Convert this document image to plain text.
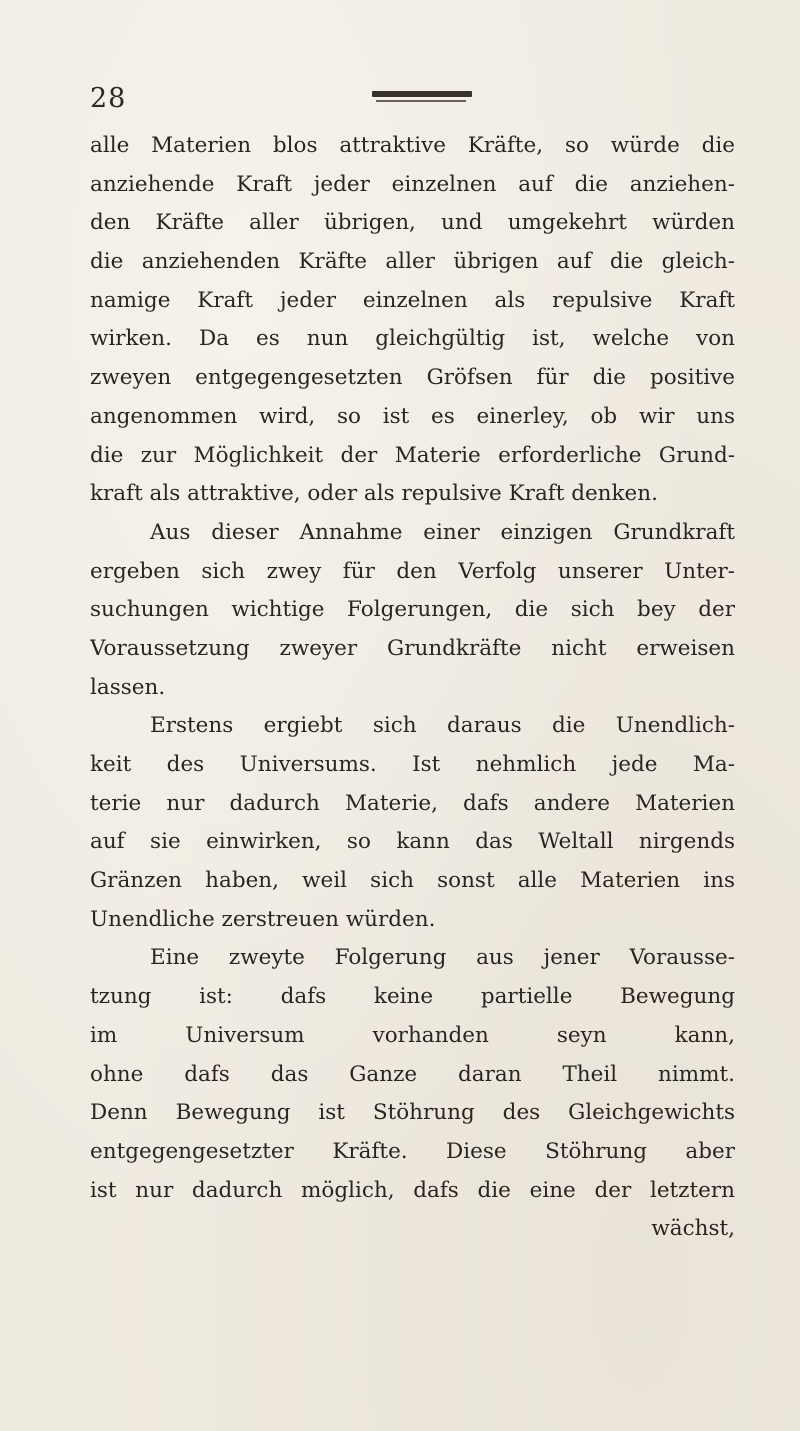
28
alle Materien blos attraktive Kräfte, so würde die
anziehende Kraft jeder einzelnen auf die anziehen-
den Kräfte aller übrigen, und umgekehrt würden
die anziehenden Kräfte aller übrigen auf die gleich-
namige Kraft jeder einzelnen als repulsive Kraft
wirken. Da es nun gleichgültig ist, welche von
zweyen entgegengesetzten Gröfsen für die positive
angenommen wird, so ist es einerley, ob wir uns
die zur Möglichkeit der Materie erforderliche Grund-
kraft als attraktive, oder als repulsive Kraft denken.
Aus dieser Annahme einer einzigen Grundkraft
ergeben sich zwey für den Verfolg unserer Unter-
suchungen wichtige Folgerungen, die sich bey der
Voraussetzung zweyer Grundkräfte nicht erweisen
lassen.
Erstens ergiebt sich daraus die Unendlich-
keit des Universums. Ist nehmlich jede Ma-
terie nur dadurch Materie, dafs andere Materien
auf sie einwirken, so kann das Weltall nirgends
Gränzen haben, weil sich sonst alle Materien ins
Unendliche zerstreuen würden.
Eine zweyte Folgerung aus jener Vorausse-
tzung ist: dafs keine partielle Bewegung
im Universum vorhanden seyn kann,
ohne dafs das Ganze daran Theil nimmt.
Denn Bewegung ist Stöhrung des Gleichgewichts
entgegengesetzter Kräfte. Diese Stöhrung aber
ist nur dadurch möglich, dafs die eine der letztern
wächst,
